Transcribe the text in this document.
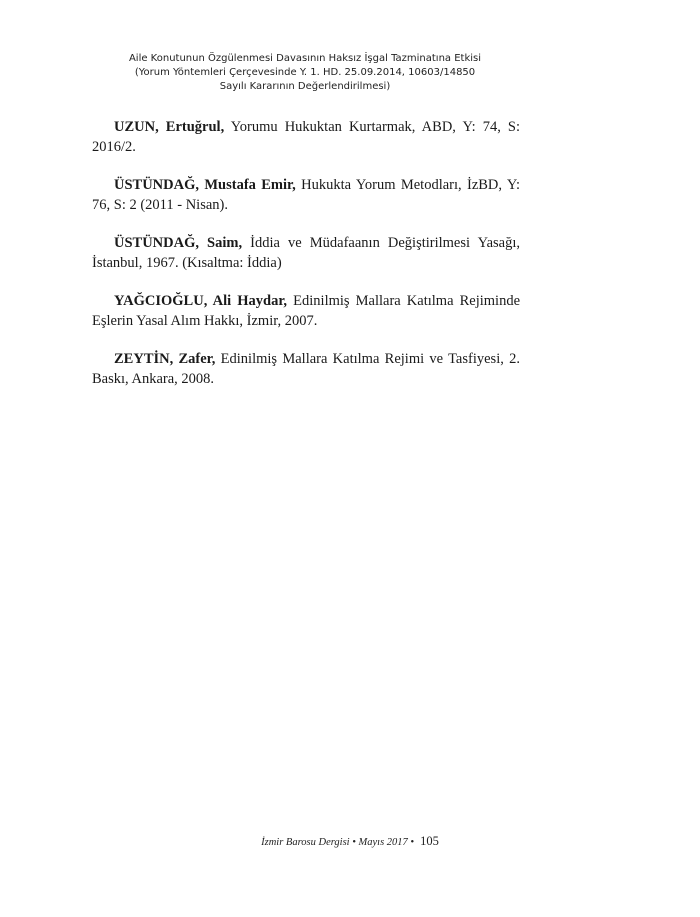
Aile Konutunun Özgülenmesi Davasının Haksız İşgal Tazminatına Etkisi
(Yorum Yöntemleri Çerçevesinde Y. 1. HD. 25.09.2014, 10603/14850
Sayılı Kararının Değerlendirilmesi)

UZUN, Ertuğrul, Yorumu Hukuktan Kurtarmak, ABD, Y: 74, S: 2016/2.

ÜSTÜNDAĞ, Mustafa Emir, Hukukta Yorum Metodları, İzBD, Y: 76, S: 2 (2011 - Nisan).

ÜSTÜNDAĞ, Saim, İddia ve Müdafaanın Değiştirilmesi Yasağı, İstanbul, 1967. (Kısaltma: İddia)

YAĞCIOĞLU, Ali Haydar, Edinilmiş Mallara Katılma Rejiminde Eşlerin Yasal Alım Hakkı, İzmir, 2007.

ZEYTİN, Zafer, Edinilmiş Mallara Katılma Rejimi ve Tasfiyesi, 2. Baskı, Ankara, 2008.

İzmir Barosu Dergisi • Mayıs 2017 • 105
